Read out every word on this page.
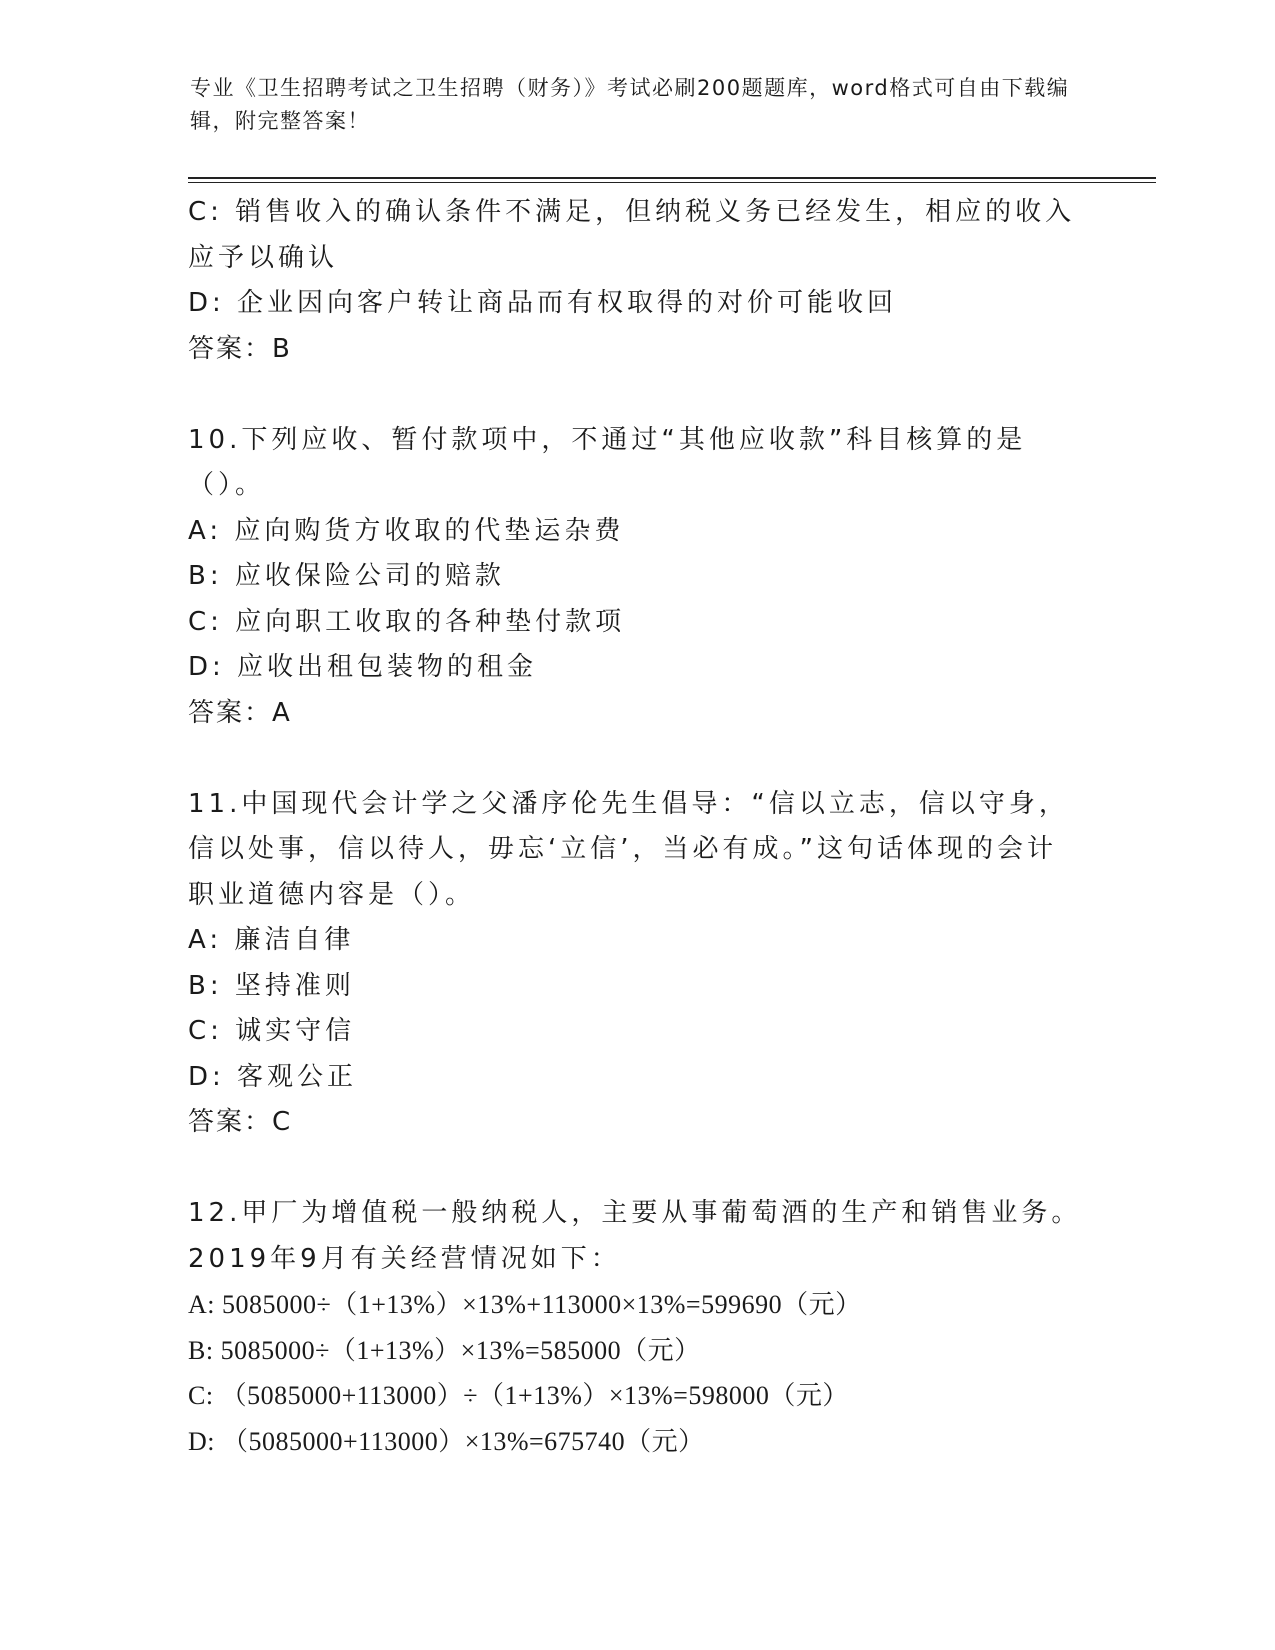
专业《卫生招聘考试之卫生招聘（财务）》考试必刷200题题库，word格式可自由下载编辑，附完整答案！
C: 销售收入的确认条件不满足，但纳税义务已经发生，相应的收入应予以确认
D: 企业因向客户转让商品而有权取得的对价可能收回
答案：B
10.下列应收、暂付款项中，不通过“其他应收款”科目核算的是（）。
A: 应向购货方收取的代垫运杂费
B: 应收保险公司的赔款
C: 应向职工收取的各种垫付款项
D: 应收出租包装物的租金
答案：A
11.中国现代会计学之父潘序伦先生倡导：“信以立志，信以守身，信以处事，信以待人，毋忘‘立信’，当必有成。”这句话体现的会计职业道德内容是（）。
A: 廉洁自律
B: 坚持准则
C: 诚实守信
D: 客观公正
答案：C
12.甲厂为增值税一般纳税人，主要从事葡萄酒的生产和销售业务。
2019年9月有关经营情况如下：
A: 5085000÷（1+13%）×13%+113000×13%=599690（元）
B: 5085000÷（1+13%）×13%=585000（元）
C: （5085000+113000）÷（1+13%）×13%=598000（元）
D: （5085000+113000）×13%=675740（元）
